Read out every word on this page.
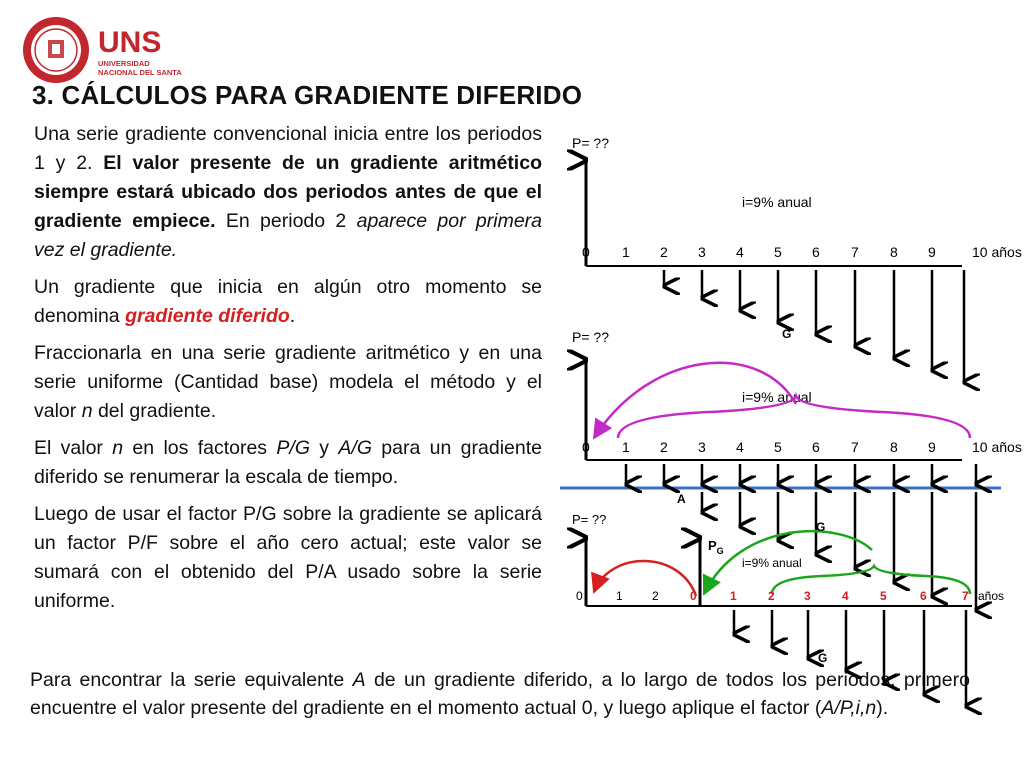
UNS
UNIVERSIDAD
NACIONAL DEL SANTA
3. CÁLCULOS PARA GRADIENTE DIFERIDO

Una serie gradiente convencional inicia entre los periodos 1 y 2. El valor presente de un gradiente aritmético siempre estará ubicado dos periodos antes de que el gradiente empiece. En periodo 2 aparece por primera vez el gradiente.

Un gradiente que inicia en algún otro momento se denomina gradiente diferido.

Fraccionarla en una serie gradiente aritmético y en una serie uniforme (Cantidad base) modela el método y el valor n del gradiente.

El valor n en los factores P/G y A/G para un gradiente diferido se renumerar la escala de tiempo.

Luego de usar el factor P/G sobre la gradiente se aplicará un factor P/F sobre el año cero actual; este valor se sumará con el obtenido del P/A usado sobre la serie uniforme.

Para encontrar la serie equivalente A de un gradiente diferido, a lo largo de todos los periodos, primero encuentre el valor presente del gradiente en el momento actual 0, y luego aplique el factor (A/P,i,n).

P= ??
i=9% anual
0 1 2 3 4 5 6 7 8 9	10 años
G
P= ??
i=9% anual
0 1 2 3 4 5 6 7 8 9	10 años
A
P= ??
$P_G$
i=9% anual
G
0	1 2	0	1	2 3	4	5	6	7 años
G
